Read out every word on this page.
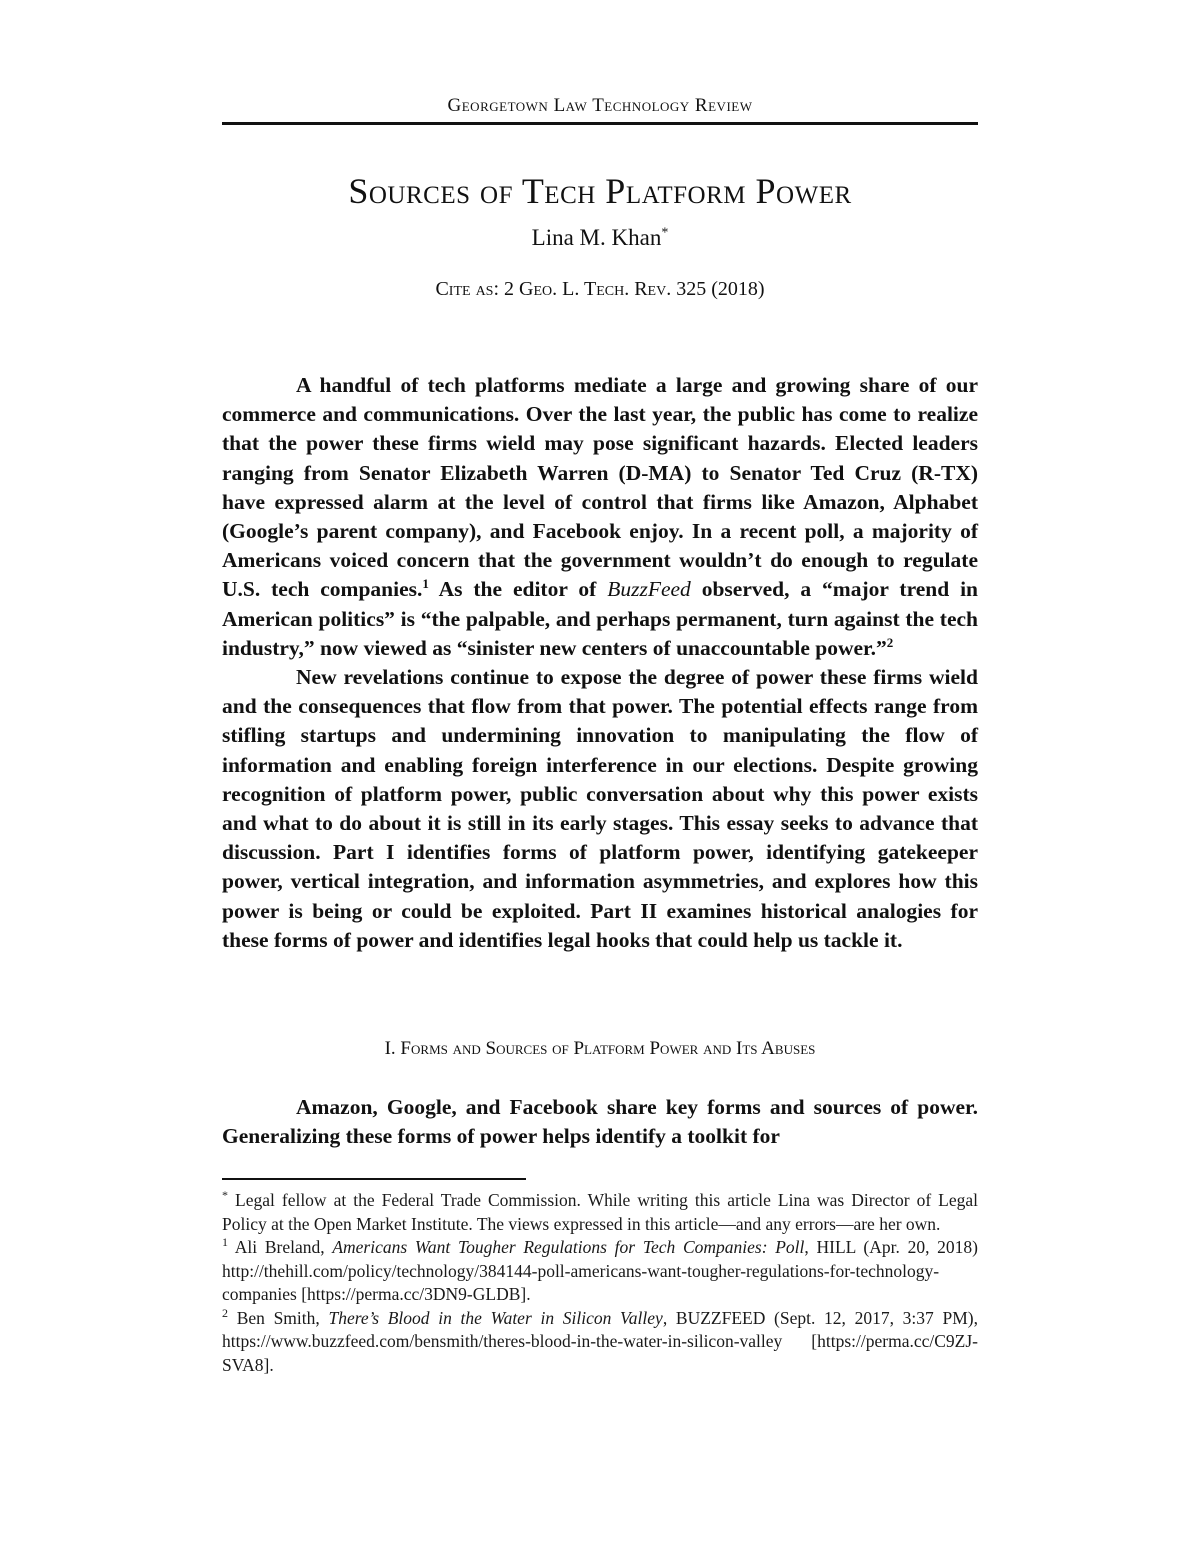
Georgetown Law Technology Review
Sources of Tech Platform Power
Lina M. Khan*
Cite as: 2 Geo. L. Tech. Rev. 325 (2018)

A handful of tech platforms mediate a large and growing share of our commerce and communications. Over the last year, the public has come to realize that the power these firms wield may pose significant hazards. Elected leaders ranging from Senator Elizabeth Warren (D-MA) to Senator Ted Cruz (R-TX) have expressed alarm at the level of control that firms like Amazon, Alphabet (Google’s parent company), and Facebook enjoy. In a recent poll, a majority of Americans voiced concern that the government wouldn’t do enough to regulate U.S. tech companies.$^1$ As the editor of BuzzFeed observed, a “major trend in American politics” is “the palpable, and perhaps permanent, turn against the tech industry,” now viewed as “sinister new centers of unaccountable power.”$^2$

New revelations continue to expose the degree of power these firms wield and the consequences that flow from that power. The potential effects range from stifling startups and undermining innovation to manipulating the flow of information and enabling foreign interference in our elections. Despite growing recognition of platform power, public conversation about why this power exists and what to do about it is still in its early stages. This essay seeks to advance that discussion. Part I identifies forms of platform power, identifying gatekeeper power, vertical integration, and information asymmetries, and explores how this power is being or could be exploited. Part II examines historical analogies for these forms of power and identifies legal hooks that could help us tackle it.

I. Forms and Sources of Platform Power and Its Abuses

Amazon, Google, and Facebook share key forms and sources of power. Generalizing these forms of power helps identify a toolkit for

* Legal fellow at the Federal Trade Commission. While writing this article Lina was Director of Legal Policy at the Open Market Institute. The views expressed in this article—and any errors—are her own.

$^1$ Ali Breland, Americans Want Tougher Regulations for Tech Companies: Poll, HILL (Apr. 20, 2018) http://thehill.com/policy/technology/384144-poll-americans-want-tougher-regulations-for-technology-companies [https://perma.cc/3DN9-GLDB].

$^2$ Ben Smith, There’s Blood in the Water in Silicon Valley, BUZZFEED (Sept. 12, 2017, 3:37 PM), https://www.buzzfeed.com/bensmith/theres-blood-in-the-water-in-silicon-valley [https://perma.cc/C9ZJ-SVA8].
